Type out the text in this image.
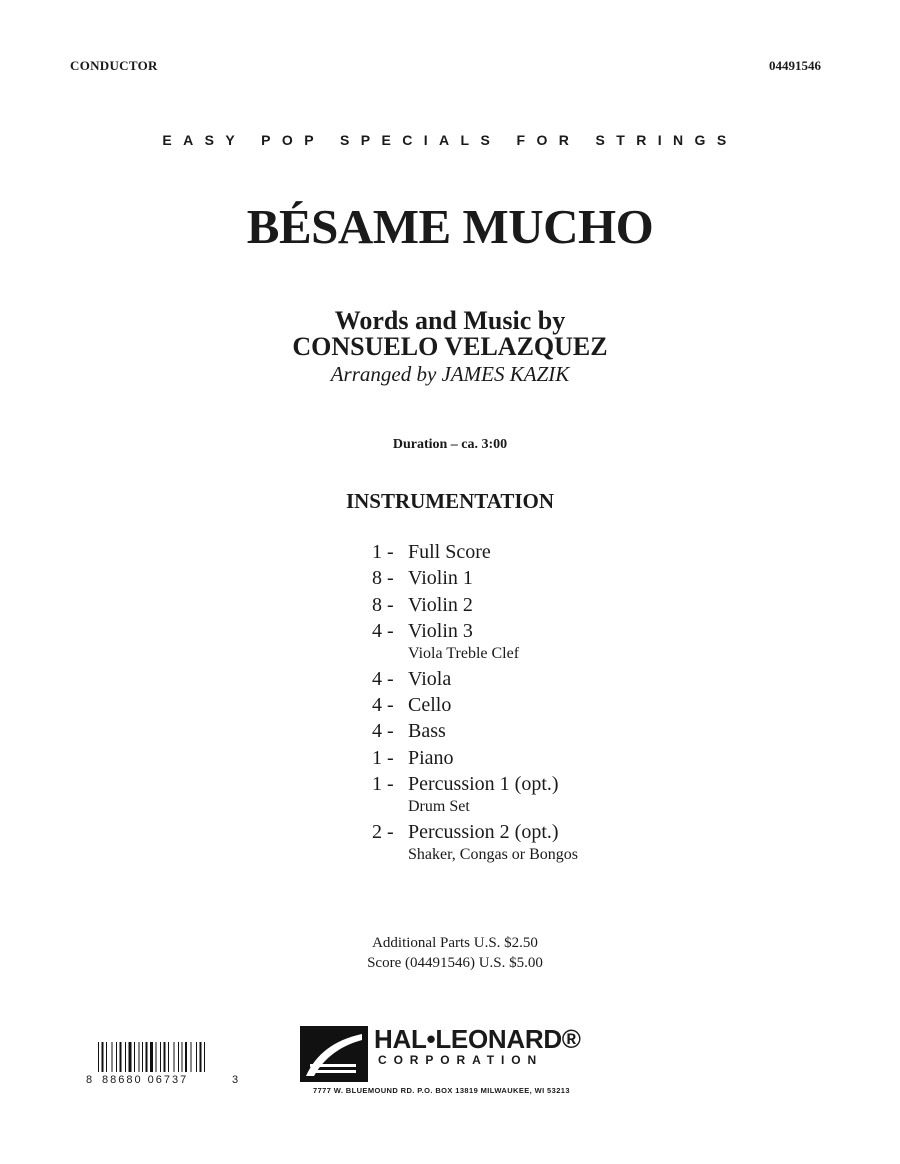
CONDUCTOR	04491546
EASY POP SPECIALS FOR STRINGS
BÉSAME MUCHO
Words and Music by
CONSUELO VELAZQUEZ
Arranged by JAMES KAZIK
Duration – ca. 3:00
INSTRUMENTATION
1 - Full Score
8 - Violin 1
8 - Violin 2
4 - Violin 3
Viola Treble Clef
4 - Viola
4 - Cello
4 - Bass
1 - Piano
1 - Percussion 1 (opt.)
Drum Set
2 - Percussion 2 (opt.)
Shaker, Congas or Bongos
Additional Parts U.S. $2.50
Score (04491546) U.S. $5.00
8 88680 06737	3
HAL•LEONARD®
CORPORATION
7777 W. BLUEMOUND RD. P.O. BOX 13819 MILWAUKEE, WI 53213
